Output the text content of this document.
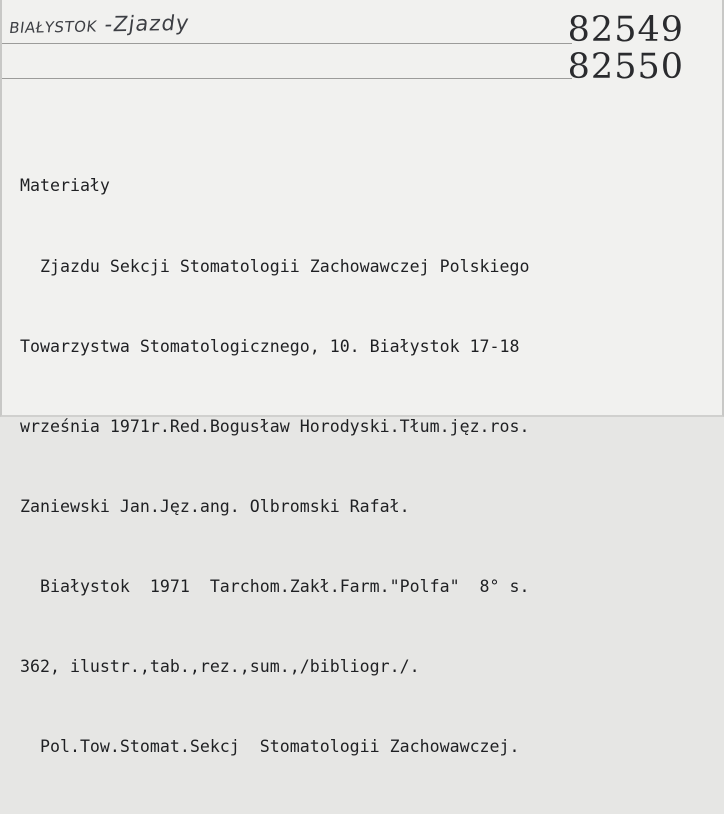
BIAŁYSTOK -Zjazdy	82549
82550

Materiały

Zjazdu Sekcji Stomatologii Zachowawczej Polskiego

Towarzystwa Stomatologicznego, 10. Białystok 17-18

września 1971r.Red.Bogusław Horodyski.Tłum.jęz.ros.

Zaniewski Jan.Jęz.ang. Olbromski Rafał.

Białystok  1971  Tarchom.Zakł.Farm."Polfa"  8° s.

362, ilustr.,tab.,rez.,sum.,/bibliogr./.

Pol.Tow.Stomat.Sekcj  Stomatologii Zachowawczej.
